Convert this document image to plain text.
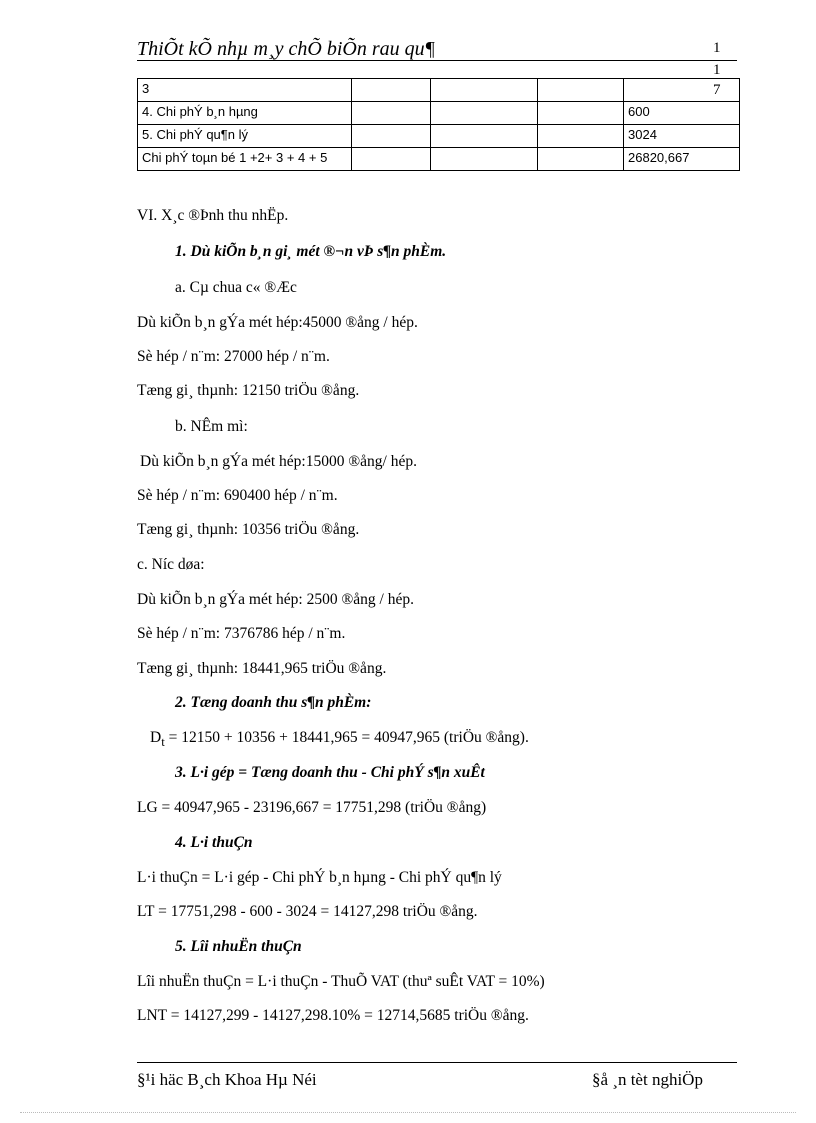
ThiÕt kÕ nhµ m¸y chÕ biÕn rau qu¶	1
1
7
3				
4. Chi phÝ b¸n hµng				600
5. Chi phÝ qu¶n lý				3024
Chi phÝ toµn bé 1 +2+ 3 + 4 + 5				26820,667
VI. X¸c ®Þnh thu nhËp.
1. Dù kiÕn b¸n gi¸ mét ®¬n vÞ s¶n phÈm.
a. Cµ chua c« ®Æc
Dù kiÕn b¸n gÝa mét hép:45000 ®ång / hép.
Sè hép / n¨m: 27000 hép / n¨m.
Tæng gi¸ thµnh: 12150 triÖu ®ång.
b. NÊm mì:
Dù kiÕn b¸n gÝa mét hép:15000 ®ång/ hép.
Sè hép / n¨m: 690400 hép / n¨m.
Tæng gi¸ thµnh: 10356 triÖu ®ång.
c. Níc døa:
Dù kiÕn b¸n gÝa mét hép: 2500 ®ång / hép.
Sè hép / n¨m: 7376786 hép / n¨m.
Tæng gi¸ thµnh: 18441,965 triÖu ®ång.
2. Tæng doanh thu s¶n phÈm:
$D_t = 12150 + 10356 + 18441,965 = 40947,965$ (triÖu ®ång).
3. L·i gép = Tæng doanh thu - Chi phÝ s¶n xuÊt
LG = 40947,965 - 23196,667 = 17751,298 (triÖu ®ång)
4. L·i thuÇn
L·i thuÇn = L·i gép - Chi phÝ b¸n hµng - Chi phÝ qu¶n lý
LT = 17751,298 - 600 - 3024 = 14127,298 triÖu ®ång.
5. Lîi nhuËn thuÇn
Lîi nhuËn thuÇn = L·i thuÇn - ThuÕ VAT (thuª suÊt VAT = 10%)
LNT = 14127,299 - 14127,298.10% = 12714,5685 triÖu ®ång.
§¹i häc B¸ch Khoa Hµ Néi	§å ¸n tèt nghiÖp
